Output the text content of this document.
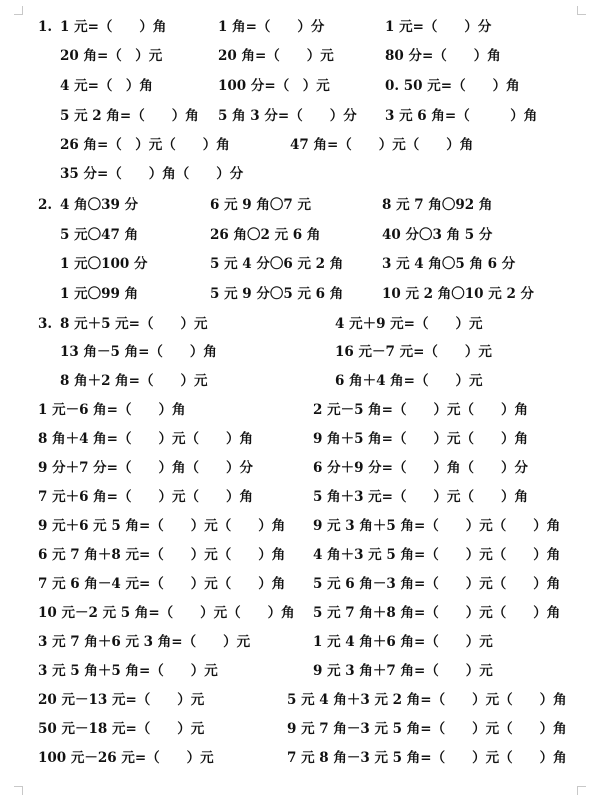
1. 1 元=（　　）角	1 角=（　　）分	1 元=（　　）分
20 角=（　）元	20 角=（　　）元	80 分=（　　）角
4 元=（　）角	100 分=（　）元	0. 50 元=（　　）角
5 元 2 角=（　　）角 5 角 3 分=（　　）分 3 元 6 角=（　　　）角
26 角=（　）元（　　）角	47 角=（　　）元（　　）角
35 分=（　　）角（　　）分
2. 4 角〇39 分	6 元 9 角〇7 元	8 元 7 角〇92 角
5 元〇47 角	26 角〇2 元 6 角	40 分〇3 角 5 分
1 元〇100 分	5 元 4 分〇6 元 2 角	3 元 4 角〇5 角 6 分
1 元〇99 角	5 元 9 分〇5 元 6 角	10 元 2 角〇10 元 2 分
3. 8 元＋5 元=（　　）元	4 元＋9 元=（　　）元
13 角－5 角=（　　）角	16 元－7 元=（　　）元
8 角＋2 角=（　　）元	6 角＋4 角=（　　）元
1 元－6 角=（　　）角	2 元－5 角=（　　）元（　　）角
8 角＋4 角=（　　）元（　　）角	9 角＋5 角=（　　）元（　　）角
9 分＋7 分=（　　）角（　　）分	6 分＋9 分=（　　）角（　　）分
7 元＋6 角=（　　）元（　　）角	5 角＋3 元=（　　）元（　　）角
9 元＋6 元 5 角=（　　）元（　　）角 9 元 3 角＋5 角=（　　）元（　　）角
6 元 7 角＋8 元=（　　）元（　　）角 4 角＋3 元 5 角=（　　）元（　　）角
7 元 6 角－4 元=（　　）元（　　）角 5 元 6 角－3 角=（　　）元（　　）角
10 元－2 元 5 角=（　　）元（　　）角 5 元 7 角＋8 角=（　　）元（　　）角
3 元 7 角＋6 元 3 角=（　　）元	1 元 4 角＋6 角=（　　）元
3 元 5 角＋5 角=（　　）元	9 元 3 角＋7 角=（　　）元
20 元－13 元=（　　）元	5 元 4 角＋3 元 2 角=（　　）元（　　）角
50 元－18 元=（　　）元	9 元 7 角－3 元 5 角=（　　）元（　　）角
100 元－26 元=（　　）元	7 元 8 角－3 元 5 角=（　　）元（　　）角
